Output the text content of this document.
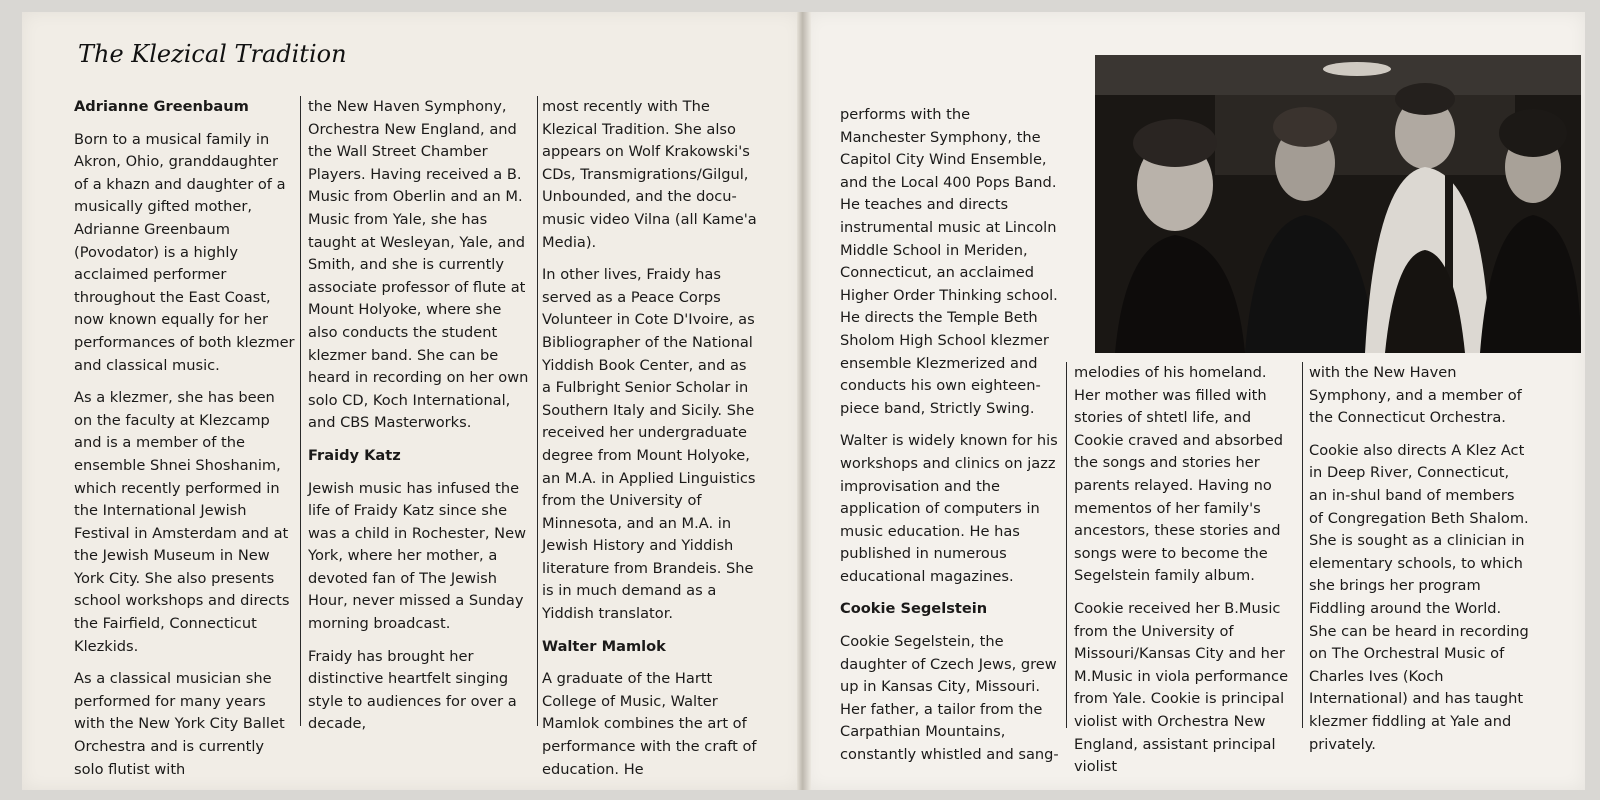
The Klezical Tradition
Adrianne Greenbaum

Born to a musical family in Akron, Ohio, granddaughter of a khazn and daughter of a musically gifted mother, Adrianne Greenbaum (Povodator) is a highly acclaimed performer throughout the East Coast, now known equally for her performances of both klezmer and classical music.

As a klezmer, she has been on the faculty at Klezcamp and is a member of the ensemble Shnei Shoshanim, which recently performed in the International Jewish Festival in Amsterdam and at the Jewish Museum in New York City. She also presents school workshops and directs the Fairfield, Connecticut Klezkids.

As a classical musician she performed for many years with the New York City Ballet Orchestra and is currently solo flutist with

the New Haven Symphony, Orchestra New England, and the Wall Street Chamber Players. Having received a B. Music from Oberlin and an M. Music from Yale, she has taught at Wesleyan, Yale, and Smith, and she is currently associate professor of flute at Mount Holyoke, where she also conducts the student klezmer band. She can be heard in recording on her own solo CD, Koch International, and CBS Masterworks.

Fraidy Katz

Jewish music has infused the life of Fraidy Katz since she was a child in Rochester, New York, where her mother, a devoted fan of The Jewish Hour, never missed a Sunday morning broadcast.

Fraidy has brought her distinctive heartfelt singing style to audiences for over a decade,

most recently with The Klezical Tradition. She also appears on Wolf Krakowski's CDs, Transmigrations/Gilgul, Unbounded, and the docu-music video Vilna (all Kame'a Media).

In other lives, Fraidy has served as a Peace Corps Volunteer in Cote D'Ivoire, as Bibliographer of the National Yiddish Book Center, and as a Fulbright Senior Scholar in Southern Italy and Sicily. She received her undergraduate degree from Mount Holyoke, an M.A. in Applied Linguistics from the University of Minnesota, and an M.A. in Jewish History and Yiddish literature from Brandeis. She is in much demand as a Yiddish translator.

Walter Mamlok

A graduate of the Hartt College of Music, Walter Mamlok combines the art of performance with the craft of education. He

performs with the Manchester Symphony, the Capitol City Wind Ensemble, and the Local 400 Pops Band. He teaches and directs instrumental music at Lincoln Middle School in Meriden, Connecticut, an acclaimed Higher Order Thinking school. He directs the Temple Beth Sholom High School klezmer ensemble Klezmerized and conducts his own eighteen-piece band, Strictly Swing.

Walter is widely known for his workshops and clinics on jazz improvisation and the application of computers in music education. He has published in numerous educational magazines.

Cookie Segelstein

Cookie Segelstein, the daughter of Czech Jews, grew up in Kansas City, Missouri. Her father, a tailor from the Carpathian Mountains, constantly whistled and sang-

melodies of his homeland. Her mother was filled with stories of shtetl life, and Cookie craved and absorbed the songs and stories her parents relayed. Having no mementos of her family's ancestors, these stories and songs were to become the Segelstein family album.

Cookie received her B.Music from the University of Missouri/Kansas City and her M.Music in viola performance from Yale. Cookie is principal violist with Orchestra New England, assistant principal violist

with the New Haven Symphony, and a member of the Connecticut Orchestra.

Cookie also directs A Klez Act in Deep River, Connecticut, an in-shul band of members of Congregation Beth Shalom. She is sought as a clinician in elementary schools, to which she brings her program Fiddling around the World. She can be heard in recording on The Orchestral Music of Charles Ives (Koch International) and has taught klezmer fiddling at Yale and privately.
